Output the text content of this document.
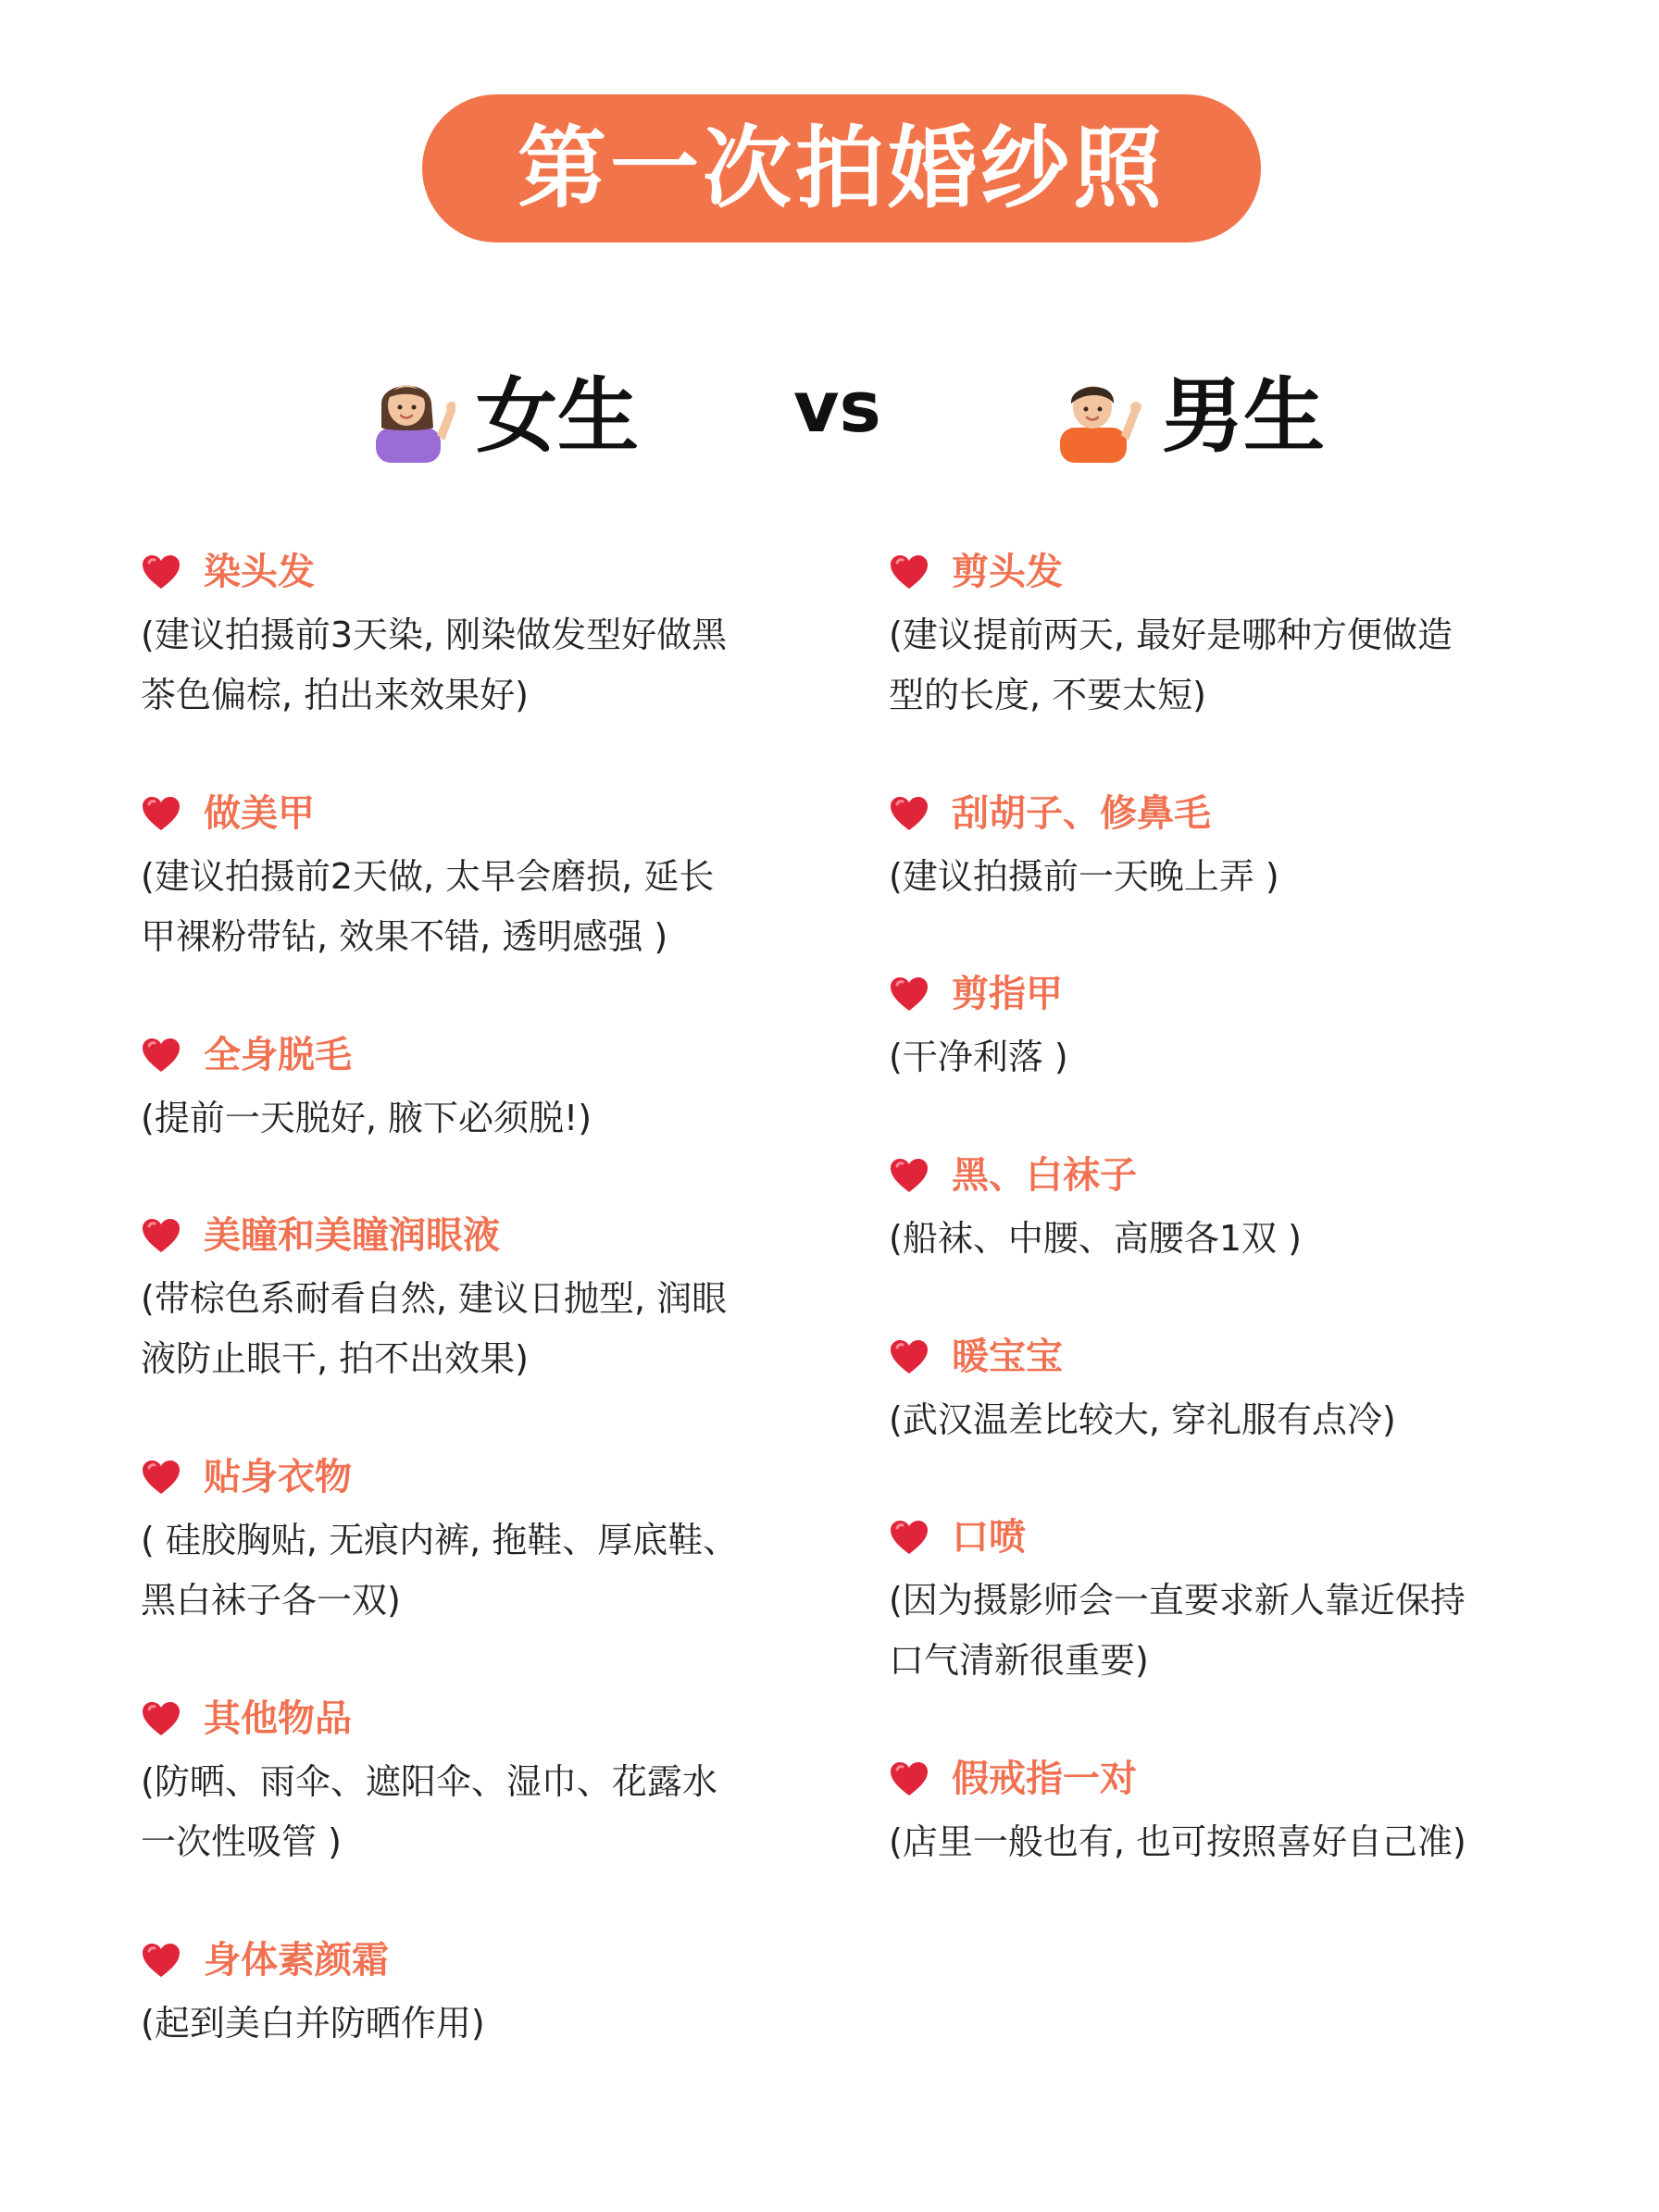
第一次拍婚纱照
女生 vs	男生
染头发
(建议拍摄前3天染, 刚染做发型好做黑
茶色偏棕, 拍出来效果好)
做美甲
(建议拍摄前2天做, 太早会磨损, 延长
甲裸粉带钻, 效果不错, 透明感强 )
全身脱毛
(提前一天脱好, 腋下必须脱!)
美瞳和美瞳润眼液
(带棕色系耐看自然, 建议日抛型, 润眼
液防止眼干, 拍不出效果)
贴身衣物
( 硅胶胸贴, 无痕内裤, 拖鞋、厚底鞋、
黑白袜子各一双)
其他物品
(防晒、雨伞、遮阳伞、湿巾、花露水
一次性吸管 )
身体素颜霜
(起到美白并防晒作用)
剪头发
(建议提前两天, 最好是哪种方便做造
型的长度, 不要太短)
刮胡子、修鼻毛
(建议拍摄前一天晚上弄 )
剪指甲
(干净利落 )
黑、白袜子
(船袜、中腰、高腰各1双 )
暖宝宝
(武汉温差比较大, 穿礼服有点冷)
口喷
(因为摄影师会一直要求新人靠近保持
口气清新很重要)
假戒指一对
(店里一般也有, 也可按照喜好自己准)
